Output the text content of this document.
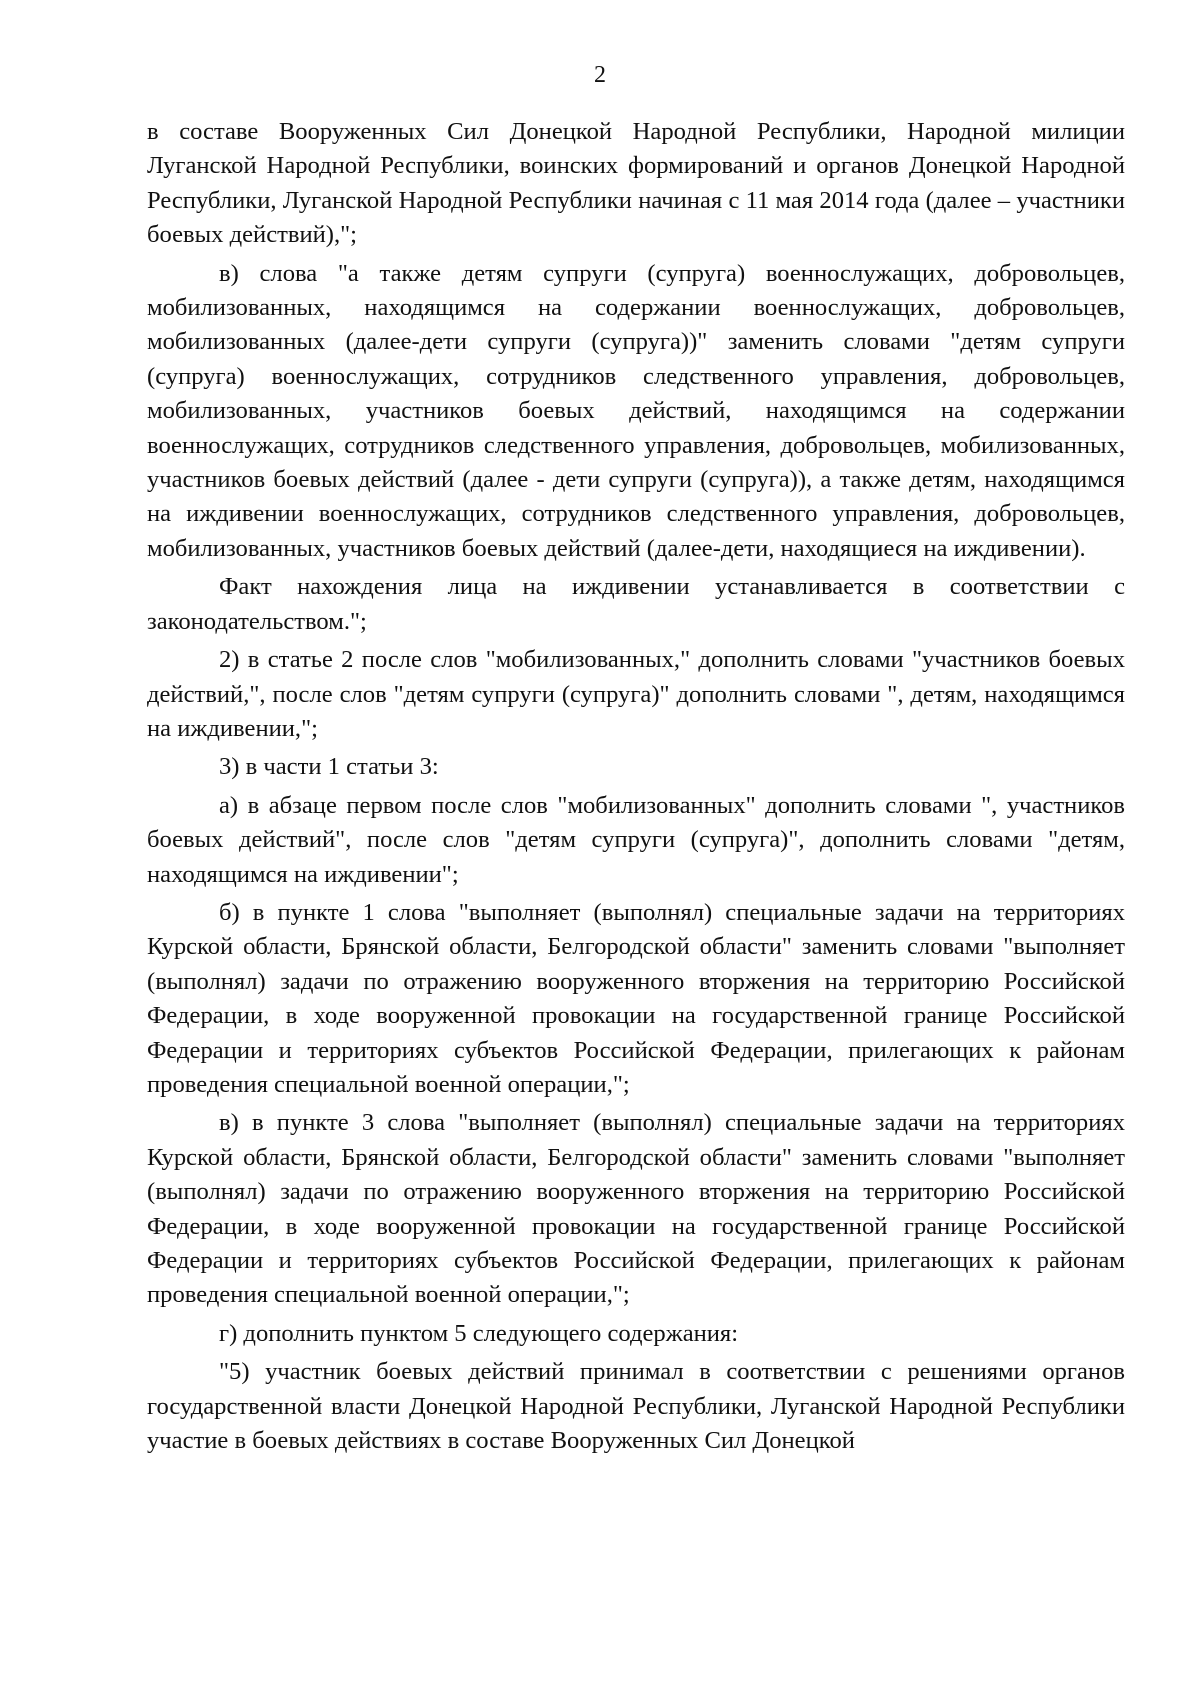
2

в составе Вооруженных Сил Донецкой Народной Республики, Народной милиции Луганской Народной Республики, воинских формирований и органов Донецкой Народной Республики, Луганской Народной Республики начиная с 11 мая 2014 года (далее – участники боевых действий),";

в) слова "а также детям супруги (супруга) военнослужащих, добровольцев, мобилизованных, находящимся на содержании военнослужащих, добровольцев, мобилизованных (далее-дети супруги (супруга))" заменить словами "детям супруги (супруга) военнослужащих, сотрудников следственного управления, добровольцев, мобилизованных, участников боевых действий, находящимся на содержании военнослужащих, сотрудников следственного управления, добровольцев, мобилизованных, участников боевых действий (далее - дети супруги (супруга)), а также детям, находящимся на иждивении военнослужащих, сотрудников следственного управления, добровольцев, мобилизованных, участников боевых действий (далее-дети, находящиеся на иждивении).

Факт нахождения лица на иждивении устанавливается в соответствии с законодательством.";

2) в статье 2 после слов "мобилизованных," дополнить словами "участников боевых действий,", после слов "детям супруги (супруга)" дополнить словами ", детям, находящимся на иждивении,";

3) в части 1 статьи 3:

а) в абзаце первом после слов "мобилизованных" дополнить словами ", участников боевых действий", после слов "детям супруги (супруга)", дополнить словами "детям, находящимся на иждивении";

б) в пункте 1 слова "выполняет (выполнял) специальные задачи на территориях Курской области, Брянской области, Белгородской области" заменить словами "выполняет (выполнял) задачи по отражению вооруженного вторжения на территорию Российской Федерации, в ходе вооруженной провокации на государственной границе Российской Федерации и территориях субъектов Российской Федерации, прилегающих к районам проведения специальной военной операции,";

в) в пункте 3 слова "выполняет (выполнял) специальные задачи на территориях Курской области, Брянской области, Белгородской области" заменить словами "выполняет (выполнял) задачи по отражению вооруженного вторжения на территорию Российской Федерации, в ходе вооруженной провокации на государственной границе Российской Федерации и территориях субъектов Российской Федерации, прилегающих к районам проведения специальной военной операции,";

г) дополнить пунктом 5 следующего содержания:

"5) участник боевых действий принимал в соответствии с решениями органов государственной власти Донецкой Народной Республики, Луганской Народной Республики участие в боевых действиях в составе Вооруженных Сил Донецкой
